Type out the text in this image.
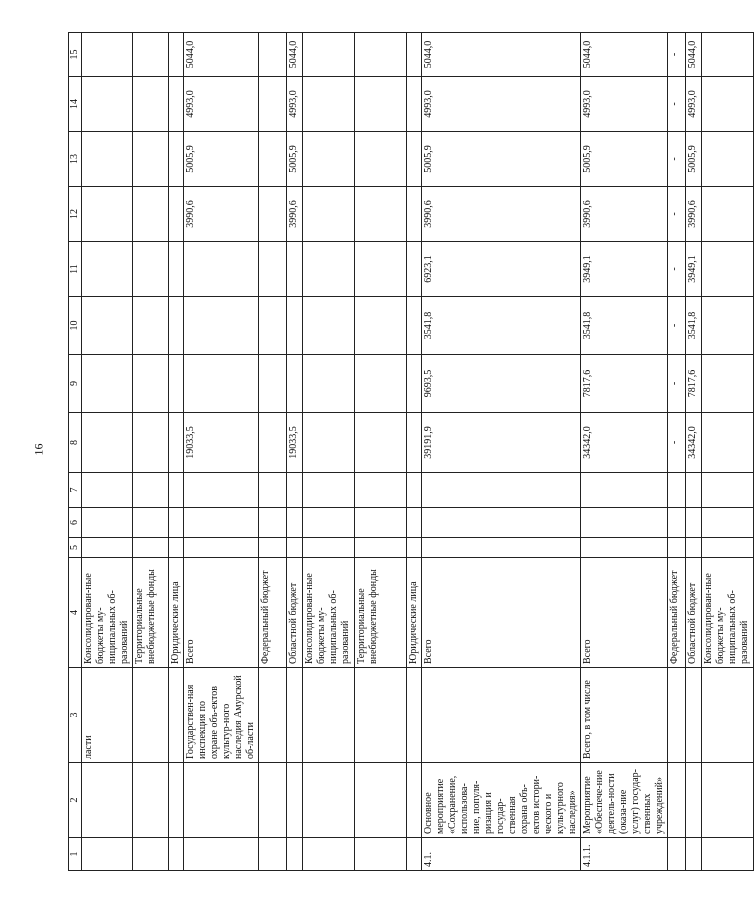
16
1	2	3	4	5	6	7	8	9	10	11	12	13	14	15
		ласти	Консолидирован-ные бюджеты му-ниципальных об-разований											
			Территориальные внебюджетные фонды											
			Юридические лица											
		Государствен-ная инспекция по охране объ-ектов культур-ного наследия Амурской об-ласти	Всего				19033,5				3990,6	5005,9	4993,0	5044,0
			Федеральный бюджет											
			Областной бюджет				19033,5				3990,6	5005,9	4993,0	5044,0
			Консолидирован-ные бюджеты му-ниципальных об-разований											
			Территориальные внебюджетные фонды											
			Юридические лица											
4.1.	Основное мероприятие «Сохранение, использова-ние, популя-ризация и государ-ственная охрана объ-ектов истори-ческого и культурного наследия»		Всего				39191,9	9693,5	3541,8	6923,1	3990,6	5005,9	4993,0	5044,0
4.1.1.	Мероприятие «Обеспече-ние деятель-ности (оказа-ние услуг) государ-ственных учреждений»	Всего, в том числе	Всего				34342,0	7817,6	3541,8	3949,1	3990,6	5005,9	4993,0	5044,0
			Федеральный бюджет				-	-	-	-	-	-	-	-
			Областной бюджет				34342,0	7817,6	3541,8	3949,1	3990,6	5005,9	4993,0	5044,0
			Консолидирован-ные бюджеты му-ниципальных об-разований											
